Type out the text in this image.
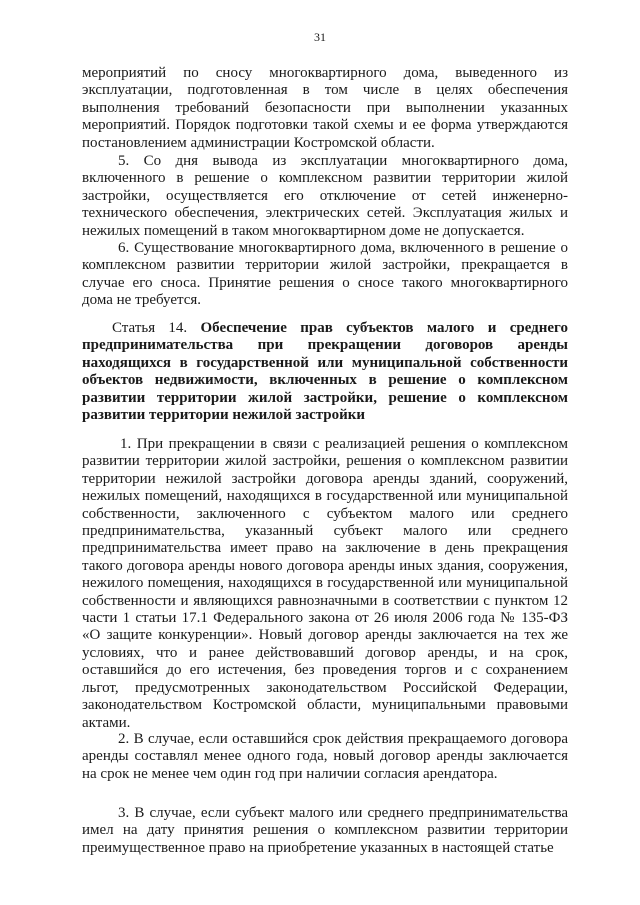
31

мероприятий по сносу многоквартирного дома, выведенного из эксплуатации, подготовленная в том числе в целях обеспечения выполнения требований безопасности при выполнении указанных мероприятий. Порядок подготовки такой схемы и ее форма утверждаются постановлением администрации Костромской области.

5. Со дня вывода из эксплуатации многоквартирного дома, включенного в решение о комплексном развитии территории жилой застройки, осуществляется его отключение от сетей инженерно-технического обеспечения, электрических сетей. Эксплуатация жилых и нежилых помещений в таком многоквартирном доме не допускается.

6. Существование многоквартирного дома, включенного в решение о комплексном развитии территории жилой застройки, прекращается в случае его сноса. Принятие решения о сносе такого многоквартирного дома не требуется.

Статья 14. Обеспечение прав субъектов малого и среднего предпринимательства при прекращении договоров аренды находящихся в государственной или муниципальной собственности объектов недвижимости, включенных в решение о комплексном развитии территории жилой застройки, решение о комплексном развитии территории нежилой застройки

1. При прекращении в связи с реализацией решения о комплексном развитии территории жилой застройки, решения о комплексном развитии территории нежилой застройки договора аренды зданий, сооружений, нежилых помещений, находящихся в государственной или муниципальной собственности, заключенного с субъектом малого или среднего предпринимательства, указанный субъект малого или среднего предпринимательства имеет право на заключение в день прекращения такого договора аренды нового договора аренды иных здания, сооружения, нежилого помещения, находящихся в государственной или муниципальной собственности и являющихся равнозначными в соответствии с пунктом 12 части 1 статьи 17.1 Федерального закона от 26 июля 2006 года № 135-ФЗ «О защите конкуренции». Новый договор аренды заключается на тех же условиях, что и ранее действовавший договор аренды, и на срок, оставшийся до его истечения, без проведения торгов и с сохранением льгот, предусмотренных законодательством Российской Федерации, законодательством Костромской области, муниципальными правовыми актами.

2. В случае, если оставшийся срок действия прекращаемого договора аренды составлял менее одного года, новый договор аренды заключается на срок не менее чем один год при наличии согласия арендатора.

3. В случае, если субъект малого или среднего предпринимательства имел на дату принятия решения о комплексном развитии территории преимущественное право на приобретение указанных в настоящей статье
